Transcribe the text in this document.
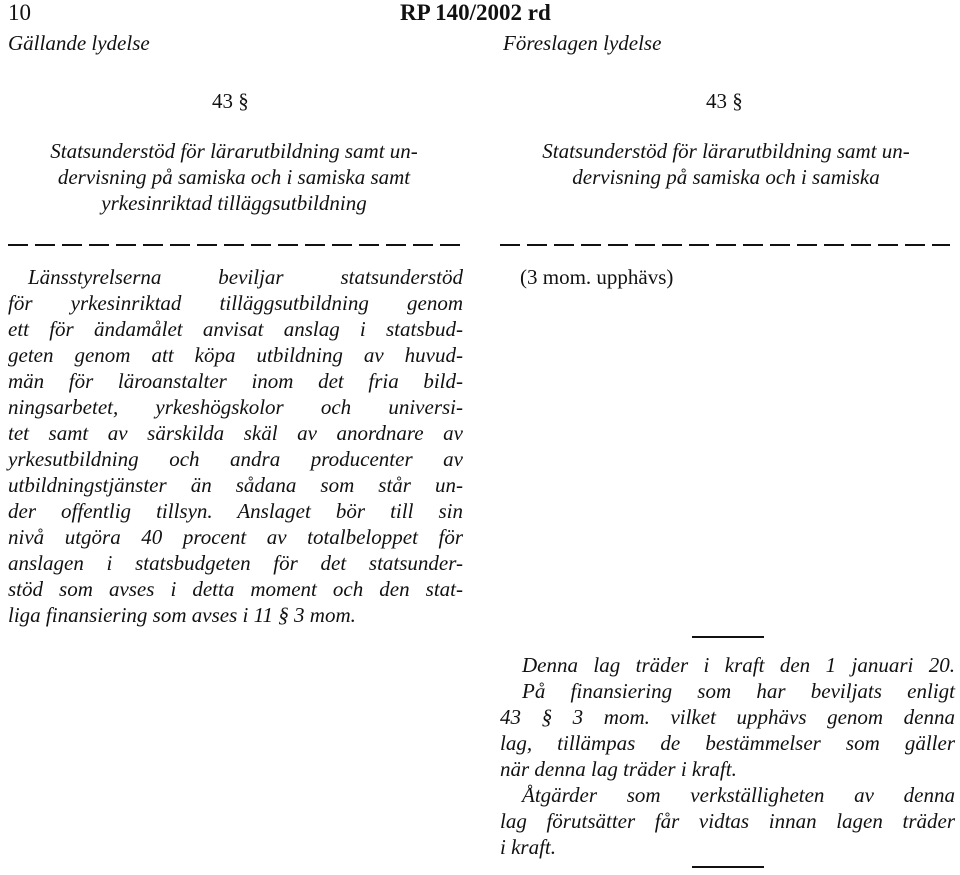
10	RP 140/2002 rd
Gällande lydelse	Föreslagen lydelse
43 §
Statsunderstöd för lärarutbildning samt un-
dervisning på samiska och i samiska samt
yrkesinriktad tilläggsutbildning
Länsstyrelserna beviljar statsunderstöd
för yrkesinriktad tilläggsutbildning genom
ett för ändamålet anvisat anslag i statsbud-
geten genom att köpa utbildning av huvud-
män för läroanstalter inom det fria bild-
ningsarbetet, yrkeshögskolor och universi-
tet samt av särskilda skäl av anordnare av
yrkesutbildning och andra producenter av
utbildningstjänster än sådana som står un-
der offentlig tillsyn. Anslaget bör till sin
nivå utgöra 40 procent av totalbeloppet för
anslagen i statsbudgeten för det statsunder-
stöd som avses i detta moment och den stat-
liga finansiering som avses i 11 § 3 mom.
43 §
Statsunderstöd för lärarutbildning samt un-
dervisning på samiska och i samiska
(3 mom. upphävs)
Denna lag träder i kraft den 1 januari 20.
På finansiering som har beviljats enligt
43 § 3 mom. vilket upphävs genom denna
lag, tillämpas de bestämmelser som gäller
när denna lag träder i kraft.
Åtgärder som verkställigheten av denna
lag förutsätter får vidtas innan lagen träder
i kraft.
